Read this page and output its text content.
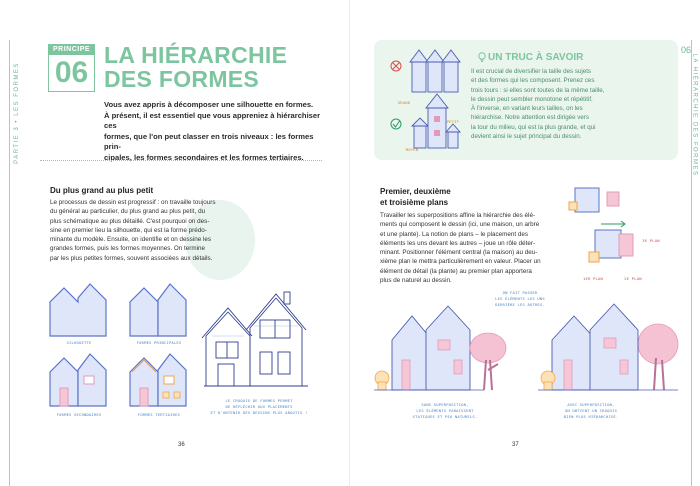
PARTIE 3 • LES FORMES
PRINCIPE
06
LA HIÉRARCHIE
DES FORMES
Vous avez appris à décomposer une silhouette en formes.
À présent, il est essentiel que vous appreniez à hiérarchiser ces
formes, que l'on peut classer en trois niveaux : les formes prin-
cipales, les formes secondaires et les formes tertiaires.
Du plus grand au plus petit
Le processus de dessin est progressif : on travaille toujours
du général au particulier, du plus grand au plus petit, du
plus schématique au plus détaillé. C'est pourquoi on des-
sine en premier lieu la silhouette, qui est la forme prédo-
minante du modèle. Ensuite, on identifie et on dessine les
grandes formes, puis les formes moyennes. On termine
par les plus petites formes, souvent associées aux détails.
SILHOUETTE	FORMES PRINCIPALES
FORMES SECONDAIRES	FORMES TERTIAIRES
LE CROQUIS DE FORMES PERMET
DE RÉFLÉCHIR AUX PLACEMENTS
ET D'OBTENIR DES DESSINS PLUS ABOUTIS !
36
GRAND
PETIT
MOYEN
UN TRUC À SAVOIR
Il est crucial de diversifier la taille des sujets
et des formes qui les composent. Prenez ces
trois tours : si elles sont toutes de la même taille,
le dessin peut sembler monotone et répétitif.
À l'inverse, en variant leurs tailles, on les
hiérarchise. Notre attention est dirigée vers
la tour du milieu, qui est la plus grande, et qui
devient ainsi le sujet principal du dessin.
06
LA HIÉRARCHIE DES FORMES
Premier, deuxième
et troisième plans
Travailler les superpositions affine la hiérarchie des élé-
ments qui composent le dessin (ici, une maison, un arbre
et une plante). La notion de plans – le placement des
éléments les uns devant les autres – joue un rôle déter-
minant. Positionner l'élément central (la maison) au deu-
xième plan le mettra particulièrement en valeur. Placer un
élément de détail (la plante) au premier plan apportera
plus de naturel au dessin.
3E PLAN
1ER PLAN	2E PLAN
ON FAIT PASSER
LES ÉLÉMENTS LES UNS
DERRIÈRE LES AUTRES.
SANS SUPERPOSITION,
LES ÉLÉMENTS PARAISSENT
STATIQUES ET PEU NATURELS.
AVEC SUPERPOSITION,
ON OBTIENT UN CROQUIS
BIEN PLUS HIÉRARCHISÉ.
37
